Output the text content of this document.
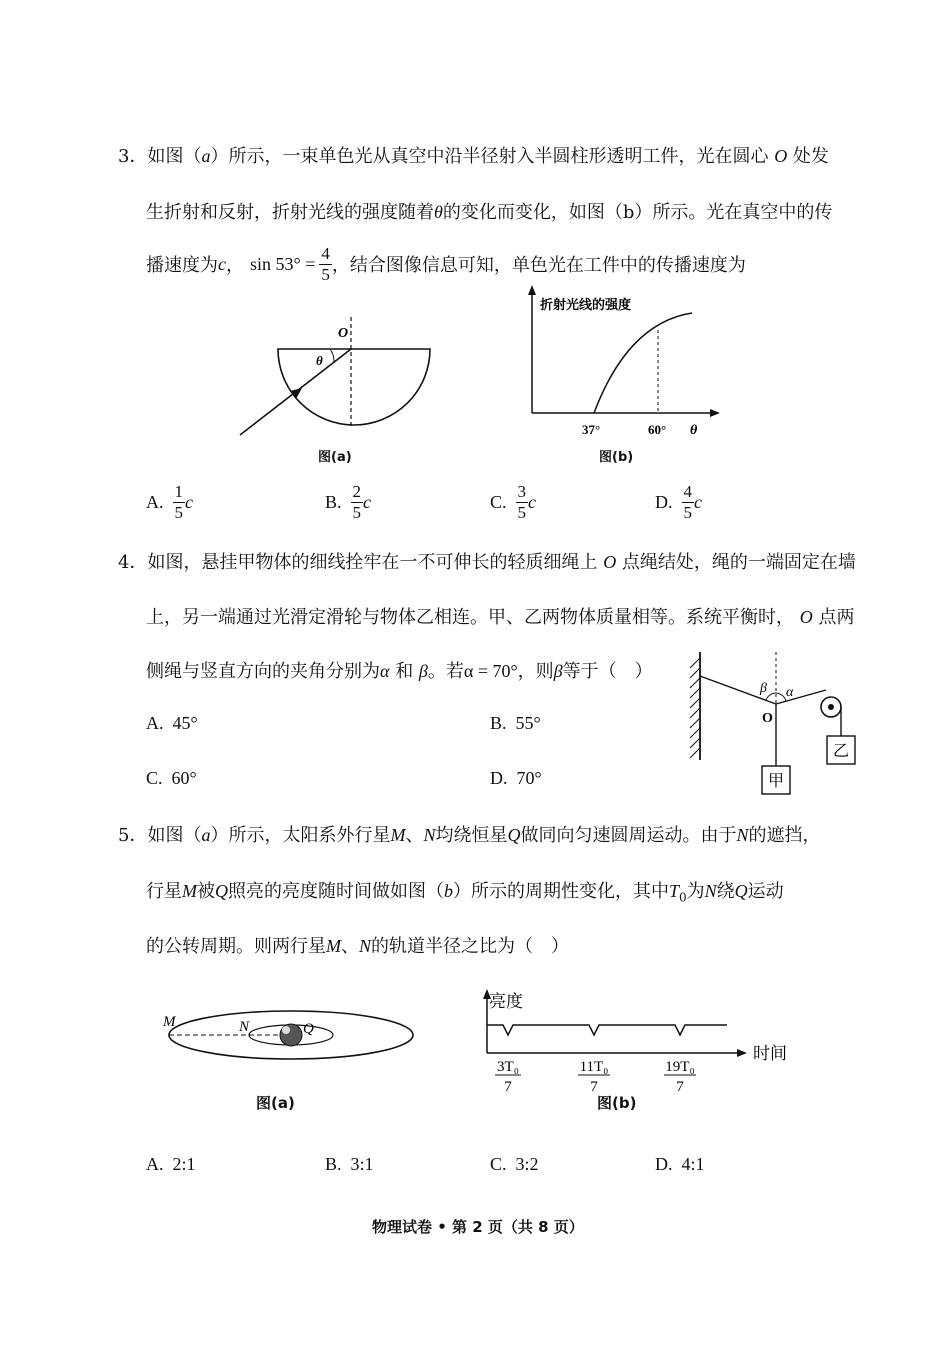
3．如图（a）所示，一束单色光从真空中沿半径射入半圆柱形透明工件，光在圆心 O 处发
生折射和反射，折射光线的强度随着θ的变化而变化，如图（b）所示。光在真空中的传
播速度为 c ， $\sin 53^\circ = \frac{4}{5}$ ，结合图像信息可知，单色光在工件中的传播速度为
O
θ
图(a)
折射光线的强度
37°	60° θ
图(b)
A.
$\frac{1}{5}$ c	B.
$\frac{2}{5}$ c	C.
$\frac{3}{5}$ c	D.
$\frac{4}{5}$ c
4．如图，悬挂甲物体的细线拴牢在一不可伸长的轻质细绳上 O 点绳结处，绳的一端固定在墙
上，另一端通过光滑定滑轮与物体乙相连。甲、乙两物体质量相等。系统平衡时， O 点两
侧绳与竖直方向的夹角分别为α 和 β。若α = 70°，则β等于（　）
A. 45°	B. 55°
C. 60°	D. 70°
β α
O
甲
乙
5．如图（a）所示，太阳系外行星M、N均绕恒星Q做同向匀速圆周运动。由于N的遮挡，
行星M被Q照亮的亮度随时间做如图（b）所示的周期性变化，其中$T_0$为N绕Q运动
的公转周期。则两行星M、N的轨道半径之比为（　）
M	N	Q
图(a)
亮度
时间
3T₀
7
11T₀
7
19T₀
7
图(b)
A. 2:1	B. 3:1	C. 3:2	D. 4:1
物理试卷 • 第 2 页（共 8 页）
